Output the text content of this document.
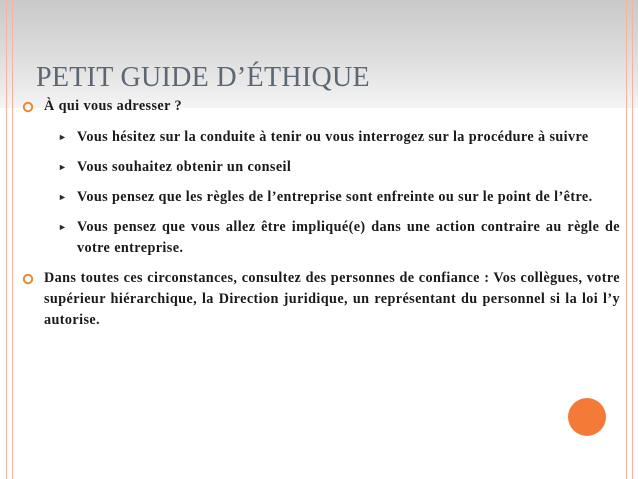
PETIT GUIDE D’ÉTHIQUE
À qui vous adresser ?
► Vous hésitez sur la conduite à tenir ou vous interrogez sur la procédure à suivre
► Vous souhaitez obtenir un conseil
► Vous pensez que les règles de l’entreprise sont enfreinte ou sur le point de l’être.
► Vous pensez que vous allez être impliqué(e) dans une action contraire au règle de votre entreprise.
Dans toutes ces circonstances, consultez des personnes de confiance : Vos collègues, votre supérieur hiérarchique, la Direction juridique, un représentant du personnel si la loi l’y autorise.
